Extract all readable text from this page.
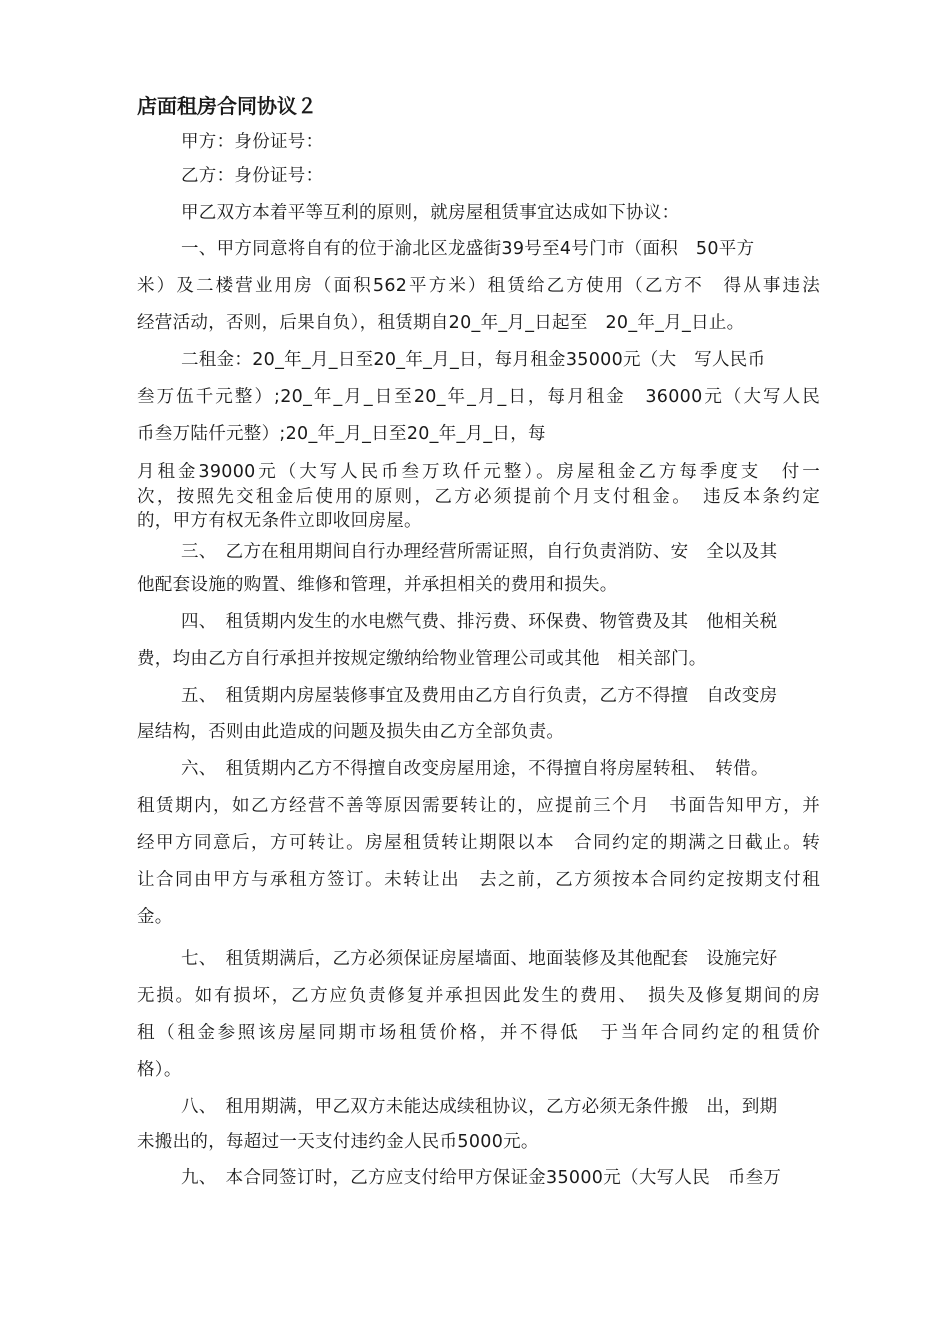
店面租房合同协议２

甲方：身份证号：

乙方：身份证号：

甲乙双方本着平等互利的原则，就房屋租赁事宜达成如下协议：

一、甲方同意将自有的位于渝北区龙盛街39号至4号门市（面积　50平方

米）及二楼营业用房（面积562平方米）租赁给乙方使用（乙方不　得从事违法

经营活动，否则，后果自负），租赁期自20_年_月_日起至　20_年_月_日止。

二租金：20_年_月_日至20_年_月_日，每月租金35000元（大　写人民币

叁万伍千元整）;20_年_月_日至20_年_月_日，每月租金　36000元（大写人民

币叁万陆仟元整）;20_年_月_日至20_年_月_日，每

月租金39000元（大写人民币叁万玖仟元整）。房屋租金乙方每季度支　付一

次，按照先交租金后使用的原则，乙方必须提前个月支付租金。　违反本条约定

的，甲方有权无条件立即收回房屋。

三、　乙方在租用期间自行办理经营所需证照，自行负责消防、安　全以及其

他配套设施的购置、维修和管理，并承担相关的费用和损失。

四、　租赁期内发生的水电燃气费、排污费、环保费、物管费及其　他相关税

费，均由乙方自行承担并按规定缴纳给物业管理公司或其他　相关部门。

五、　租赁期内房屋装修事宜及费用由乙方自行负责，乙方不得擅　自改变房

屋结构，否则由此造成的问题及损失由乙方全部负责。

六、　租赁期内乙方不得擅自改变房屋用途，不得擅自将房屋转租、　转借。

租赁期内，如乙方经营不善等原因需要转让的，应提前三个月　书面告知甲方，并

经甲方同意后，方可转让。房屋租赁转让期限以本　合同约定的期满之日截止。转

让合同由甲方与承租方签订。未转让出　去之前，乙方须按本合同约定按期支付租

金。

七、　租赁期满后，乙方必须保证房屋墙面、地面装修及其他配套　设施完好

无损。如有损坏，乙方应负责修复并承担因此发生的费用、　损失及修复期间的房

租（租金参照该房屋同期市场租赁价格，并不得低　于当年合同约定的租赁价

格）。

八、　租用期满，甲乙双方未能达成续租协议，乙方必须无条件搬　出，到期

未搬出的，每超过一天支付违约金人民币5000元。

九、　本合同签订时，乙方应支付给甲方保证金35000元（大写人民　币叁万
